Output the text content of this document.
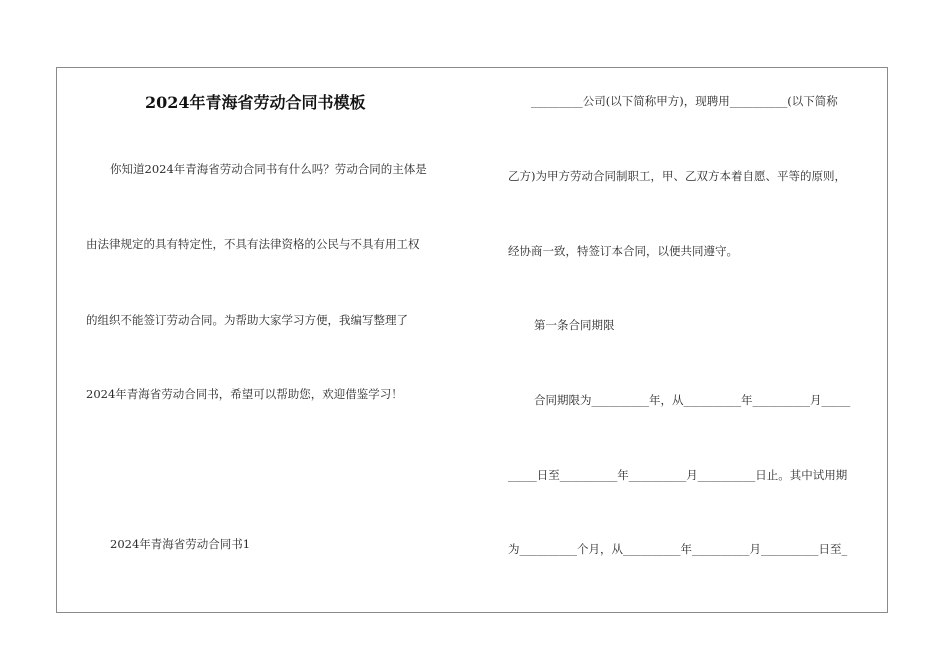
2024年青海省劳动合同书模板
你知道2024年青海省劳动合同书有什么吗？劳动合同的主体是
由法律规定的具有特定性，不具有法律资格的公民与不具有用工权
的组织不能签订劳动合同。为帮助大家学习方便，我编写整理了
2024年青海省劳动合同书，希望可以帮助您，欢迎借鉴学习！
2024年青海省劳动合同书1
_________公司(以下简称甲方)，现聘用__________(以下简称
乙方)为甲方劳动合同制职工，甲、乙双方本着自愿、平等的原则，
经协商一致，特签订本合同，以便共同遵守。
第一条合同期限
合同期限为__________年，从__________年__________月_____
_____日至__________年__________月__________日止。其中试用期
为__________个月，从__________年__________月__________日至_
